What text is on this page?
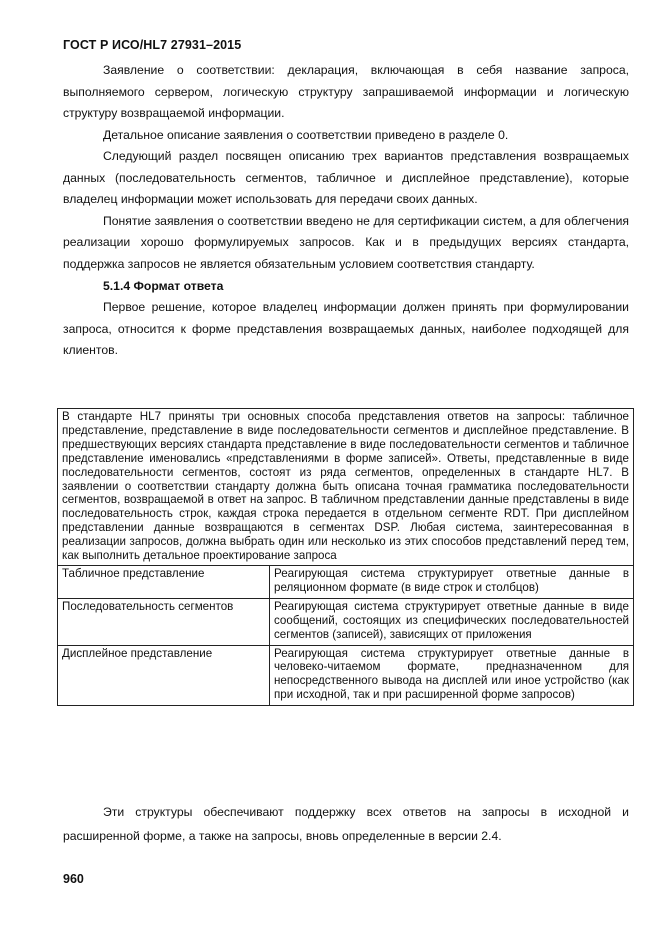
ГОСТ Р ИСО/HL7 27931–2015

Заявление о соответствии: декларация, включающая в себя название запроса, выполняемого сервером, логическую структуру запрашиваемой информации и логическую структуру возвращаемой информации.

Детальное описание заявления о соответствии приведено в разделе 0.

Следующий раздел посвящен описанию трех вариантов представления возвращаемых данных (последовательность сегментов, табличное и дисплейное представление), которые владелец информации может использовать для передачи своих данных.

Понятие заявления о соответствии введено не для сертификации систем, а для облегчения реализации хорошо формулируемых запросов. Как и в предыдущих версиях стандарта, поддержка запросов не является обязательным условием соответствия стандарту.

5.1.4 Формат ответа

Первое решение, которое владелец информации должен принять при формулировании запроса, относится к форме представления возвращаемых данных, наиболее подходящей для клиентов.

В стандарте HL7 приняты три основных способа представления ответов на запросы: табличное представление, представление в виде последовательности сегментов и дисплейное представление. В предшествующих версиях стандарта представление в виде последовательности сегментов и табличное представление именовались «представлениями в форме записей». Ответы, представленные в виде последовательности сегментов, состоят из ряда сегментов, определенных в стандарте HL7. В заявлении о соответствии стандарту должна быть описана точная грамматика последовательности сегментов, возвращаемой в ответ на запрос. В табличном представлении данные представлены в виде последовательность строк, каждая строка передается в отдельном сегменте RDT. При дисплейном представлении данные возвращаются в сегментах DSP. Любая система, заинтересованная в реализации запросов, должна выбрать один или несколько из этих способов представлений перед тем, как выполнить детальное проектирование запроса
Табличное представление	Реагирующая система структурирует ответные данные в реляционном формате (в виде строк и столбцов)
Последовательность сегментов	Реагирующая система структурирует ответные данные в виде сообщений, состоящих из специфических последовательностей сегментов (записей), зависящих от приложения
Дисплейное представление	Реагирующая система структурирует ответные данные в человеко-читаемом формате, предназначенном для непосредственного вывода на дисплей или иное устройство (как при исходной, так и при расширенной форме запросов)

Эти структуры обеспечивают поддержку всех ответов на запросы в исходной и расширенной форме, а также на запросы, вновь определенные в версии 2.4.

960
